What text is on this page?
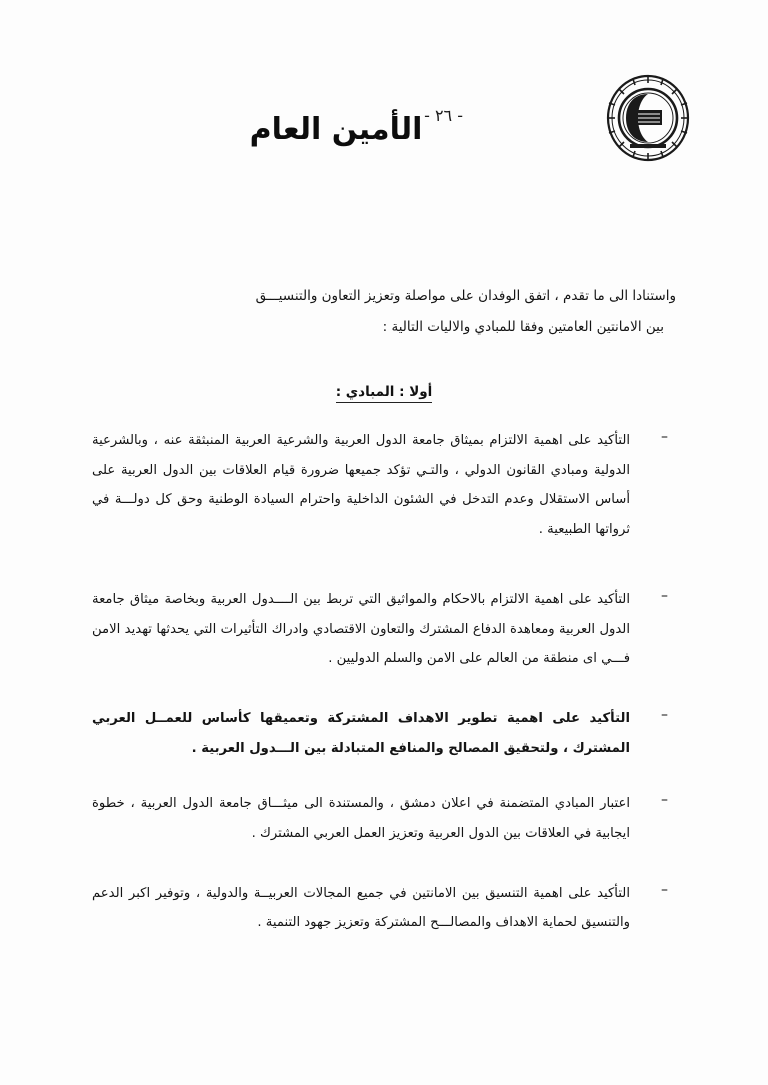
- ٢٦ -
الأمين العام

واستنادا الى ما تقدم ، اتفق الوفدان على مواصلة وتعزيز التعاون والتنسيـــق

بين الامانتين العامتين وفقا للمبادي والاليات التالية :

أولا : المبادي :
–

التأكيد على اهمية الالتزام بميثاق جامعة الدول العربية والشرعية العربية المنبثقة عنه ، وبالشرعية الدولية ومبادي القانون الدولي ، والتـي تؤكد جميعها ضرورة قيام العلاقات بين الدول العربية على أساس الاستقلال وعدم التدخل في الشئون الداخلية واحترام السيادة الوطنية وحق كل دولـــة في ثرواتها الطبيعية .

–

التأكيد على اهمية الالتزام بالاحكام والمواثيق التي تربط بين الــــدول العربية وبخاصة ميثاق جامعة الدول العربية ومعاهدة الدفاع المشترك والتعاون الاقتصادي وادراك التأثيرات التي يحدثها تهديد الامن فـــي اى منطقة من العالم على الامن والسلم الدوليين .

–

التأكيد على اهمية تطوير الاهداف المشتركة وتعميقها كأساس للعمــل العربي المشترك ، ولتحقيق المصالح والمنافع المتبادلة بين الـــدول العربية .

–

اعتبار المبادي المتضمنة في اعلان دمشق ، والمستندة الى ميثـــاق جامعة الدول العربية ، خطوة ايجابية في العلاقات بين الدول العربية وتعزيز العمل العربي المشترك .

–

التأكيد على اهمية التنسيق بين الامانتين في جميع المجالات العربيــة والدولية ، وتوفير اكبر الدعم والتنسيق لحماية الاهداف والمصالـــح المشتركة وتعزيز جهود التنمية .
